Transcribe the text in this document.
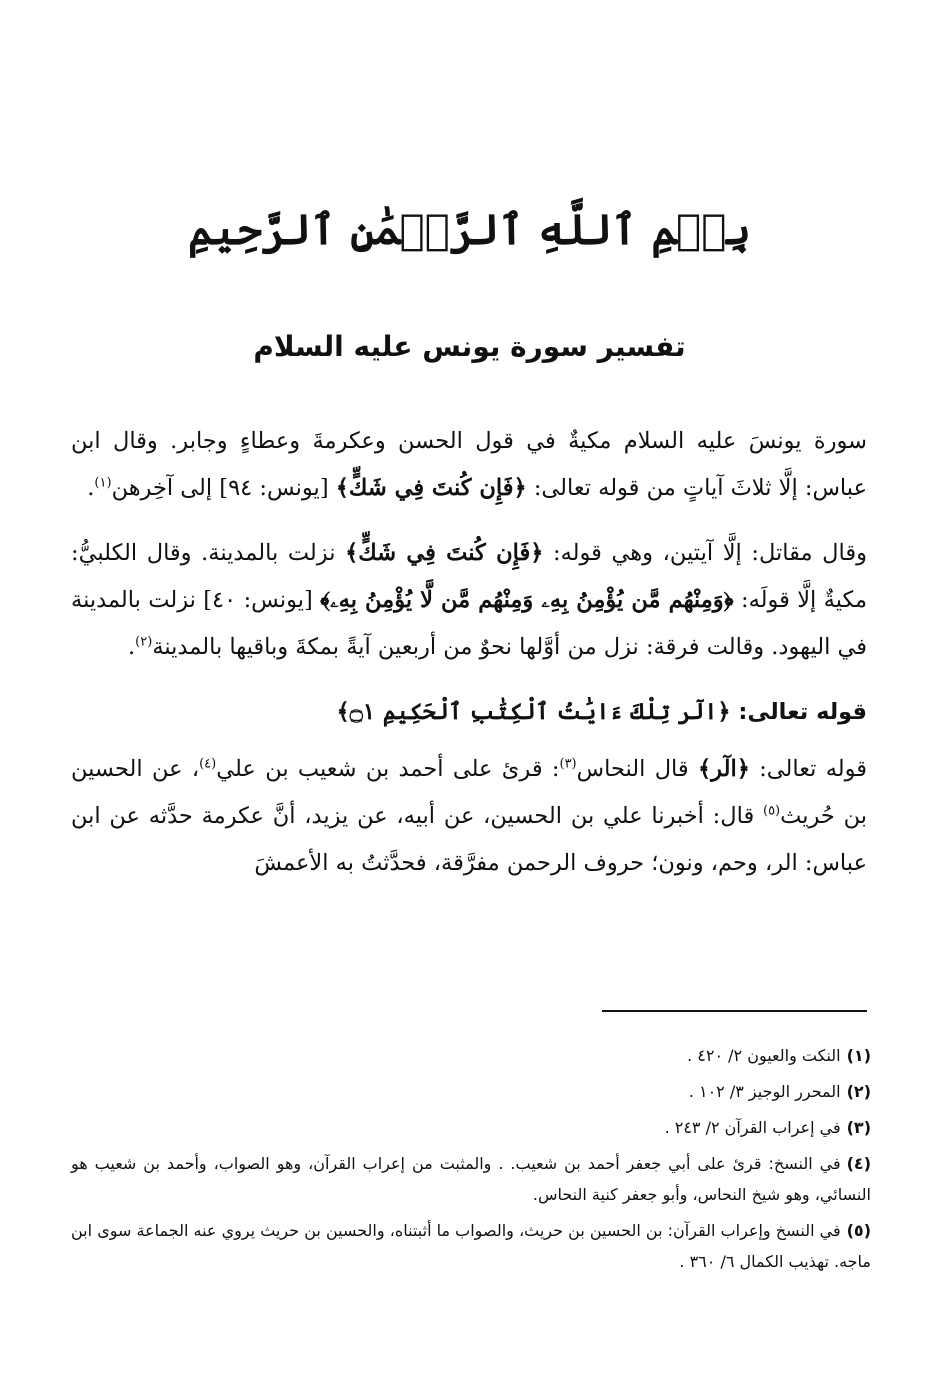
بِسۡمِ ٱللَّهِ ٱلرَّحۡمَٰنِ ٱلرَّحِيمِ
تفسير سورة يونس عليه السلام

سورة يونسَ عليه السلام مكيةٌ في قول الحسن وعكرمةَ وعطاءٍ وجابر. وقال ابن عباس: إلَّا ثلاثَ آياتٍ من قوله تعالى: ﴿فَإِن كُنتَ فِي شَكٍّ﴾ [يونس: ٩٤] إلى آخِرهن$^{(١)}$.

وقال مقاتل: إلَّا آيتين، وهي قوله: ﴿فَإِن كُنتَ فِي شَكٍّ﴾ نزلت بالمدينة. وقال الكلبيُّ: مكيةٌ إلَّا قولَه: ﴿وَمِنْهُم مَّن يُؤْمِنُ بِهِۦ وَمِنْهُم مَّن لَّا يُؤْمِنُ بِهِۦ﴾ [يونس: ٤٠] نزلت بالمدينة في اليهود. وقالت فرقة: نزل من أوَّلها نحوٌ من أربعين آيةً بمكةَ وباقيها بالمدينة$^{(٢)}$.

قوله تعالى: ﴿الٓر تِلْكَ ءَايَٰتُ ٱلْكِتَٰبِ ٱلْحَكِيمِ ۝١﴾

قوله تعالى: ﴿الٓر﴾ قال النحاس$^{(٣)}$: قرئ على أحمد بن شعيب بن علي$^{(٤)}$، عن الحسين بن حُريث$^{(٥)}$ قال: أخبرنا علي بن الحسين، عن أبيه، عن يزيد، أنَّ عكرمة حدَّثه عن ابن عباس: الر، وحم، ونون؛ حروف الرحمن مفرَّقة، فحدَّثتُ به الأعمشَ

(١)النكت والعيون ٢/ ٤٢٠ .
(٢)المحرر الوجيز ٣/ ١٠٢ .
(٣)في إعراب القرآن ٢/ ٢٤٣ .
(٤)في النسخ: قرئ على أبي جعفر أحمد بن شعيب. . والمثبت من إعراب القرآن، وهو الصواب، وأحمد بن شعيب هو النسائي، وهو شيخ النحاس، وأبو جعفر كنية النحاس.
(٥)في النسخ وإعراب القرآن: بن الحسين بن حريث، والصواب ما أثبتناه، والحسين بن حريث يروي عنه الجماعة سوى ابن ماجه. تهذيب الكمال ٦/ ٣٦٠ .
